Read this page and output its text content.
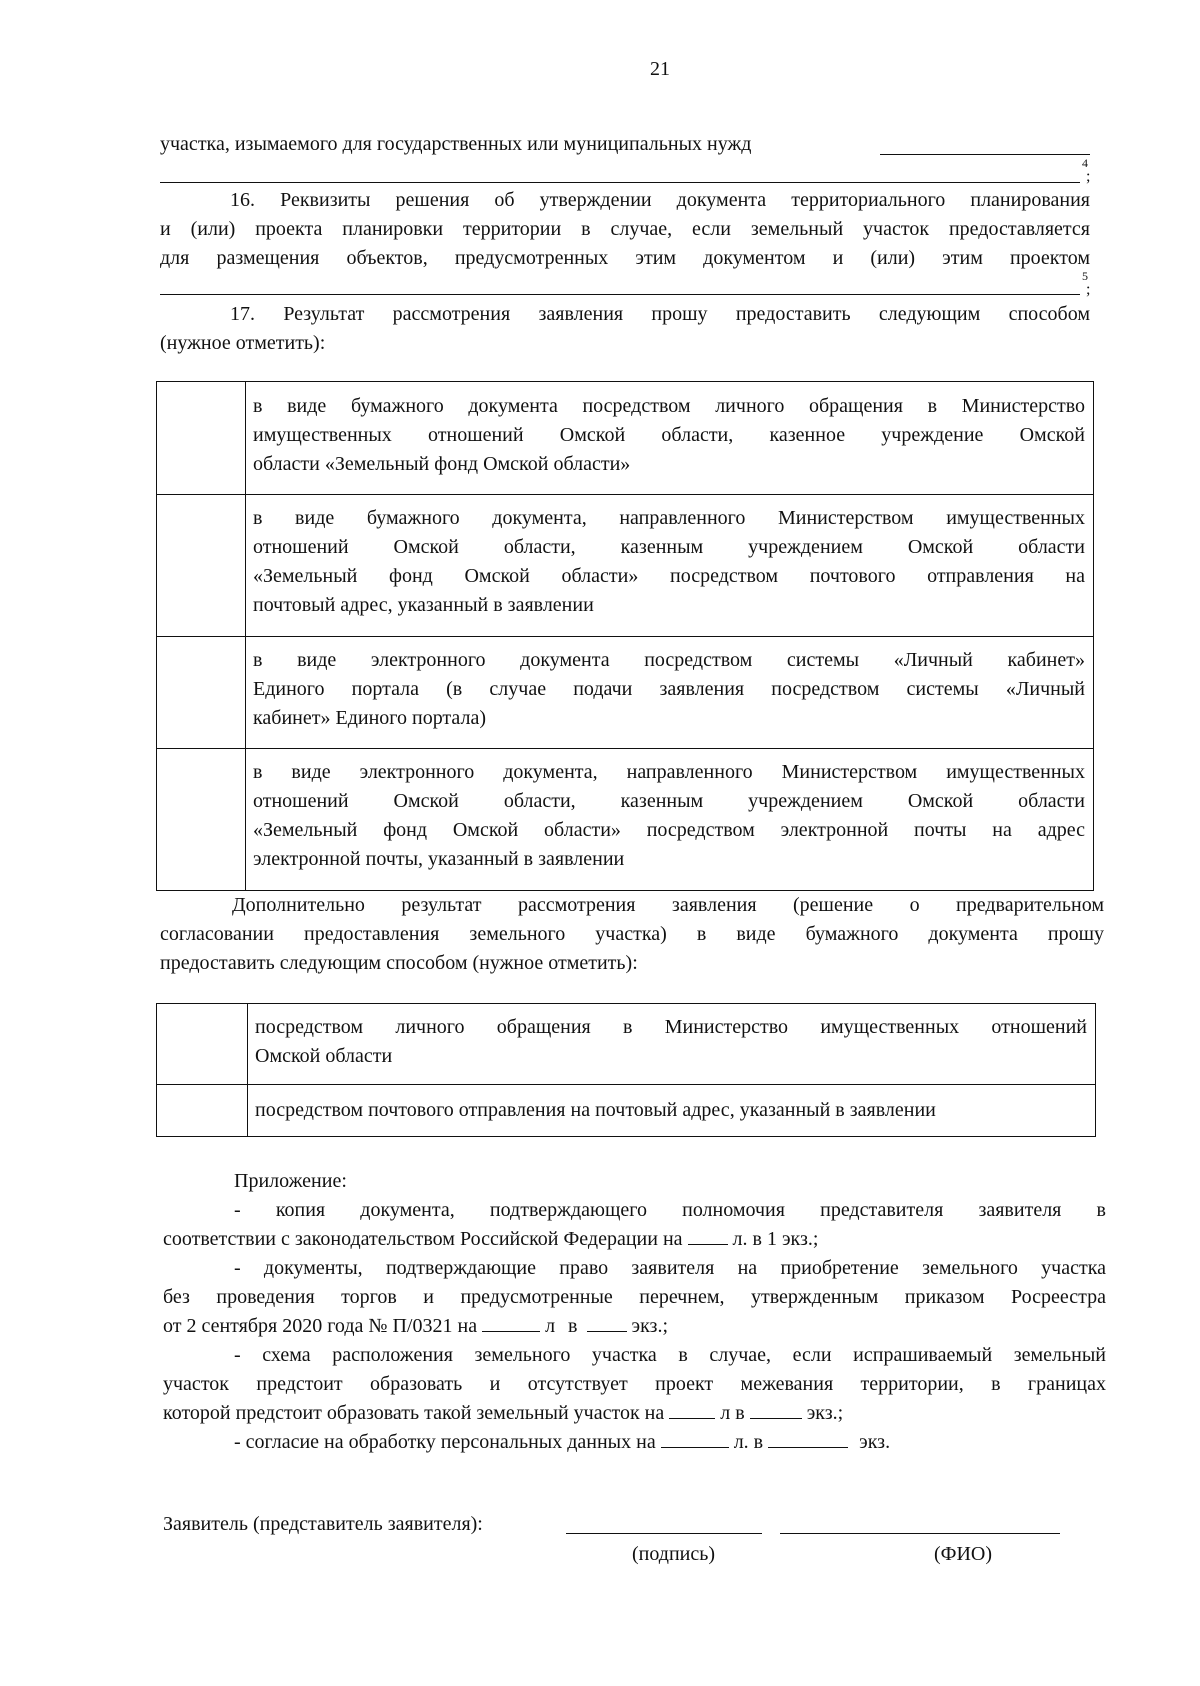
21
участка, изымаемого для государственных или муниципальных нужд
4
;
16. Реквизиты решения об утверждении документа территориального планирования
и (или) проекта планировки территории в случае, если земельный участок предоставляется
для размещения объектов, предусмотренных этим документом и (или) этим проектом
5
;
17. Результат рассмотрения заявления прошу предоставить следующим способом
(нужное отметить):
в виде бумажного документа посредством личного обращения в Министерство
имущественных отношений Омской области, казенное учреждение Омской
области «Земельный фонд Омской области»
в виде бумажного документа, направленного Министерством имущественных
отношений Омской области, казенным учреждением Омской области
«Земельный фонд Омской области» посредством почтового отправления на
почтовый адрес, указанный в заявлении
в виде электронного документа посредством системы «Личный кабинет»
Единого портала (в случае подачи заявления посредством системы «Личный
кабинет» Единого портала)
в виде электронного документа, направленного Министерством имущественных
отношений Омской области, казенным учреждением Омской области
«Земельный фонд Омской области» посредством электронной почты на адрес
электронной почты, указанный в заявлении
Дополнительно результат рассмотрения заявления (решение о предварительном
согласовании предоставления земельного участка) в виде бумажного документа прошу
предоставить следующим способом (нужное отметить):
посредством личного обращения в Министерство имущественных отношений
Омской области
посредством почтового отправления на почтовый адрес, указанный в заявлении
Приложение:
- копия документа, подтверждающего полномочия представителя заявителя в
соответствии с законодательством Российской Федерации на	л. в 1 экз.;
- документы, подтверждающие право заявителя на приобретение земельного участка
без проведения торгов и предусмотренные перечнем, утвержденным приказом Росреестра
от 2 сентября 2020 года № П/0321 на	л в	экз.;
- схема расположения земельного участка в случае, если испрашиваемый земельный
участок предстоит образовать и отсутствует проект межевания территории, в границах
которой предстоит образовать такой земельный участок на	л в	экз.;
- согласие на обработку персональных данных на	л. в	экз.
Заявитель (представитель заявителя):
(подпись)	(ФИО)
